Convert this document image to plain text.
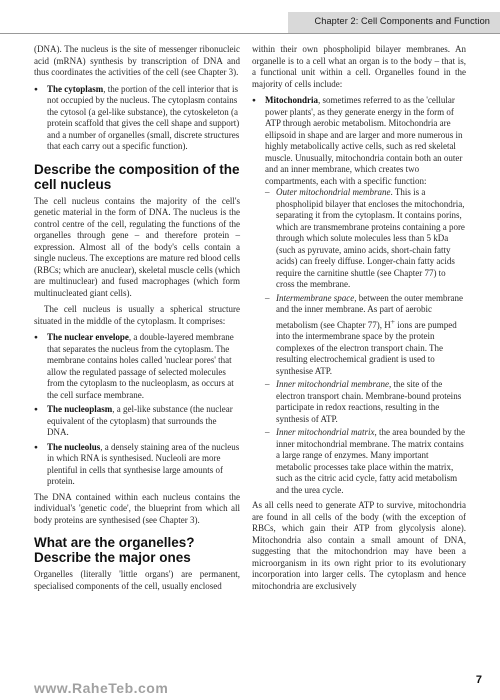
Chapter 2: Cell Components and Function

(DNA). The nucleus is the site of messenger ribonucleic acid (mRNA) synthesis by transcription of DNA and thus coordinates the activities of the cell (see Chapter 3).

● The cytoplasm, the portion of the cell interior that is not occupied by the nucleus. The cytoplasm contains the cytosol (a gel-like substance), the cytoskeleton (a protein scaffold that gives the cell shape and support) and a number of organelles (small, discrete structures that each carry out a specific function).
Describe the composition of the cell nucleus

The cell nucleus contains the majority of the cell's genetic material in the form of DNA. The nucleus is the control centre of the cell, regulating the functions of the organelles through gene – and therefore protein – expression. Almost all of the body's cells contain a single nucleus. The exceptions are mature red blood cells (RBCs; which are anuclear), skeletal muscle cells (which are multinuclear) and fused macrophages (which form multinucleated giant cells).

The cell nucleus is usually a spherical structure situated in the middle of the cytoplasm. It comprises:

● The nuclear envelope, a double-layered membrane that separates the nucleus from the cytoplasm. The membrane contains holes called 'nuclear pores' that allow the regulated passage of selected molecules from the cytoplasm to the nucleoplasm, as occurs at the cell surface membrane.
● The nucleoplasm, a gel-like substance (the nuclear equivalent of the cytoplasm) that surrounds the DNA.
● The nucleolus, a densely staining area of the nucleus in which RNA is synthesised. Nucleoli are more plentiful in cells that synthesise large amounts of protein.

The DNA contained within each nucleus contains the individual's 'genetic code', the blueprint from which all body proteins are synthesised (see Chapter 3).

What are the organelles? Describe the major ones

Organelles (literally 'little organs') are permanent, specialised components of the cell, usually enclosed

within their own phospholipid bilayer membranes. An organelle is to a cell what an organ is to the body – that is, a functional unit within a cell. Organelles found in the majority of cells include:

● Mitochondria, sometimes referred to as the 'cellular power plants', as they generate energy in the form of ATP through aerobic metabolism. Mitochondria are ellipsoid in shape and are larger and more numerous in highly metabolically active cells, such as red skeletal muscle. Unusually, mitochondria contain both an outer and an inner membrane, which creates two compartments, each with a specific function:
– Outer mitochondrial membrane. This is a phospholipid bilayer that encloses the mitochondria, separating it from the cytoplasm. It contains porins, which are transmembrane proteins containing a pore through which solute molecules less than 5 kDa (such as pyruvate, amino acids, short-chain fatty acids) can freely diffuse. Longer-chain fatty acids require the carnitine shuttle (see Chapter 77) to cross the membrane.
– Intermembrane space, between the outer membrane and the inner membrane. As part of aerobic metabolism (see Chapter 77), H+ ions are pumped into the intermembrane space by the protein complexes of the electron transport chain. The resulting electrochemical gradient is used to synthesise ATP.
– Inner mitochondrial membrane, the site of the electron transport chain. Membrane-bound proteins participate in redox reactions, resulting in the synthesis of ATP.
– Inner mitochondrial matrix, the area bounded by the inner mitochondrial membrane. The matrix contains a large range of enzymes. Many important metabolic processes take place within the matrix, such as the citric acid cycle, fatty acid metabolism and the urea cycle.

As all cells need to generate ATP to survive, mitochondria are found in all cells of the body (with the exception of RBCs, which gain their ATP from glycolysis alone). Mitochondria also contain a small amount of DNA, suggesting that the mitochondrion may have been a microorganism in its own right prior to its evolutionary incorporation into larger cells. The cytoplasm and hence mitochondria are exclusively

www.RaheTeb.com	7
